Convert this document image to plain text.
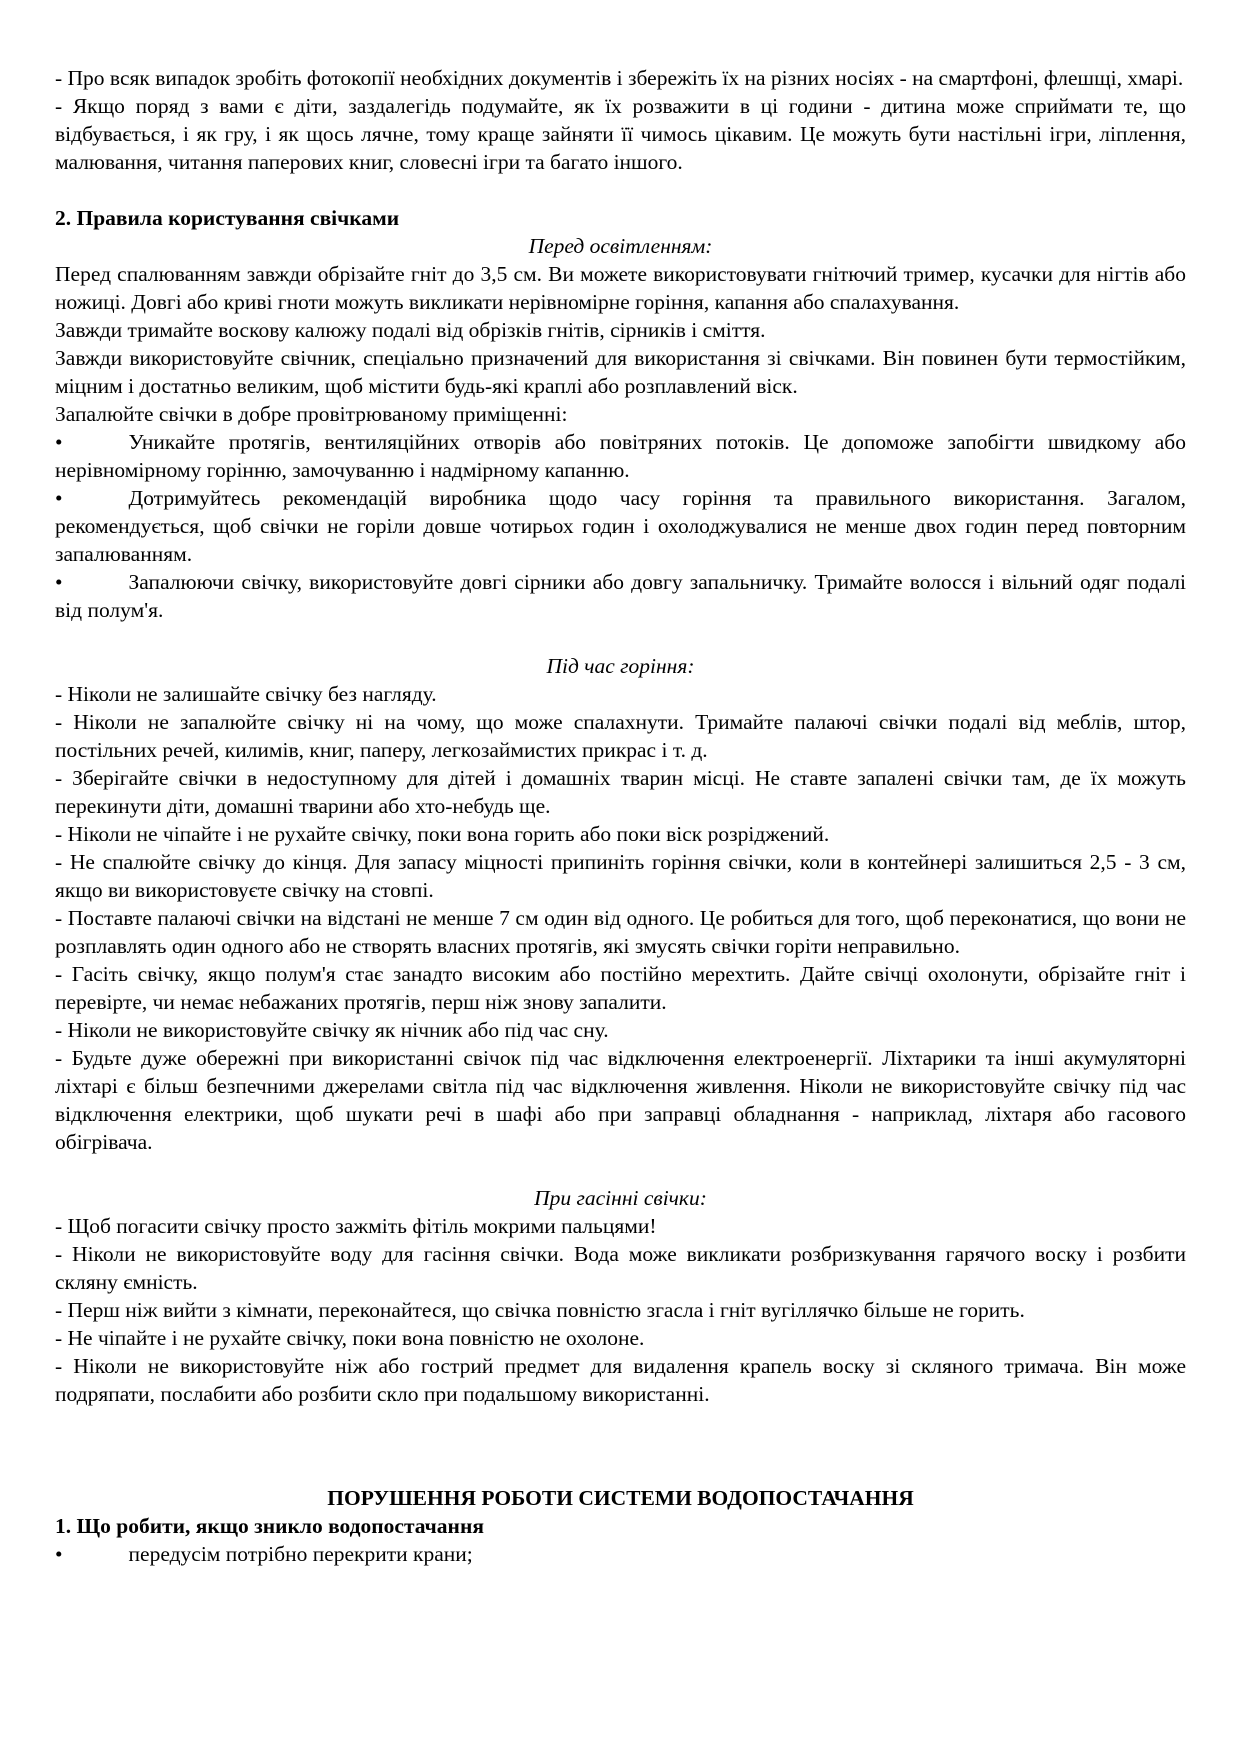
- Про всяк випадок зробіть фотокопії необхідних документів і збережіть їх на різних носіях - на смартфоні, флешщі, хмарі.

- Якщо поряд з вами є діти, заздалегідь подумайте, як їх розважити в ці години - дитина може сприймати те, що відбувається, і як гру, і як щось лячне, тому краще зайняти її чимось цікавим. Це можуть бути настільні ігри, ліплення, малювання, читання паперових книг, словесні ігри та багато іншого.

2. Правила користування свічками

Перед освітленням:

Перед спалюванням завжди обрізайте гніт до 3,5 см. Ви можете використовувати гнітючий тример, кусачки для нігтів або ножиці. Довгі або криві гноти можуть викликати нерівномірне горіння, капання або спалахування.

Завжди тримайте воскову калюжу подалі від обрізків гнітів, сірників і сміття.

Завжди використовуйте свічник, спеціально призначений для використання зі свічками. Він повинен бути термостійким, міцним і достатньо великим, щоб містити будь-які краплі або розплавлений віск.

Запалюйте свічки в добре провітрюваному приміщенні:

•	Уникайте протягів, вентиляційних отворів або повітряних потоків. Це допоможе запобігти швидкому або нерівномірному горінню, замочуванню і надмірному капанню.

•	Дотримуйтесь рекомендацій виробника щодо часу горіння та правильного використання. Загалом, рекомендується, щоб свічки не горіли довше чотирьох годин і охолоджувалися не менше двох годин перед повторним запалюванням.

•	Запалюючи свічку, використовуйте довгі сірники або довгу запальничку. Тримайте волосся і вільний одяг подалі від полум'я.

Під час горіння:

- Ніколи не залишайте свічку без нагляду.

- Ніколи не запалюйте свічку ні на чому, що може спалахнути. Тримайте палаючі свічки подалі від меблів, штор, постільних речей, килимів, книг, паперу, легкозаймистих прикрас і т. д.

- Зберігайте свічки в недоступному для дітей і домашніх тварин місці. Не ставте запалені свічки там, де їх можуть перекинути діти, домашні тварини або хто-небудь ще.

- Ніколи не чіпайте і не рухайте свічку, поки вона горить або поки віск розріджений.

- Не спалюйте свічку до кінця. Для запасу міцності припиніть горіння свічки, коли в контейнері залишиться 2,5 - 3 см, якщо ви використовуєте свічку на стовпі.

- Поставте палаючі свічки на відстані не менше 7 см один від одного. Це робиться для того, щоб переконатися, що вони не розплавлять один одного або не створять власних протягів, які змусять свічки горіти неправильно.

- Гасіть свічку, якщо полум'я стає занадто високим або постійно мерехтить. Дайте свічці охолонути, обрізайте гніт і перевірте, чи немає небажаних протягів, перш ніж знову запалити.

- Ніколи не використовуйте свічку як нічник або під час сну.

- Будьте дуже обережні при використанні свічок під час відключення електроенергії. Ліхтарики та інші акумуляторні ліхтарі є більш безпечними джерелами світла під час відключення живлення. Ніколи не використовуйте свічку під час відключення електрики, щоб шукати речі в шафі або при заправці обладнання - наприклад, ліхтаря або гасового обігрівача.

При гасінні свічки:

- Щоб погасити свічку просто зажміть фітіль мокрими пальцями!

- Ніколи не використовуйте воду для гасіння свічки. Вода може викликати розбризкування гарячого воску і розбити скляну ємність.

- Перш ніж вийти з кімнати, переконайтеся, що свічка повністю згасла і гніт вугіллячко більше не горить.

- Не чіпайте і не рухайте свічку, поки вона повністю не охолоне.

- Ніколи не використовуйте ніж або гострий предмет для видалення крапель воску зі скляного тримача. Він може подряпати, послабити або розбити скло при подальшому використанні.

ПОРУШЕННЯ РОБОТИ СИСТЕМИ ВОДОПОСТАЧАННЯ

1. Що робити, якщо зникло водопостачання

•	передусім потрібно перекрити крани;
